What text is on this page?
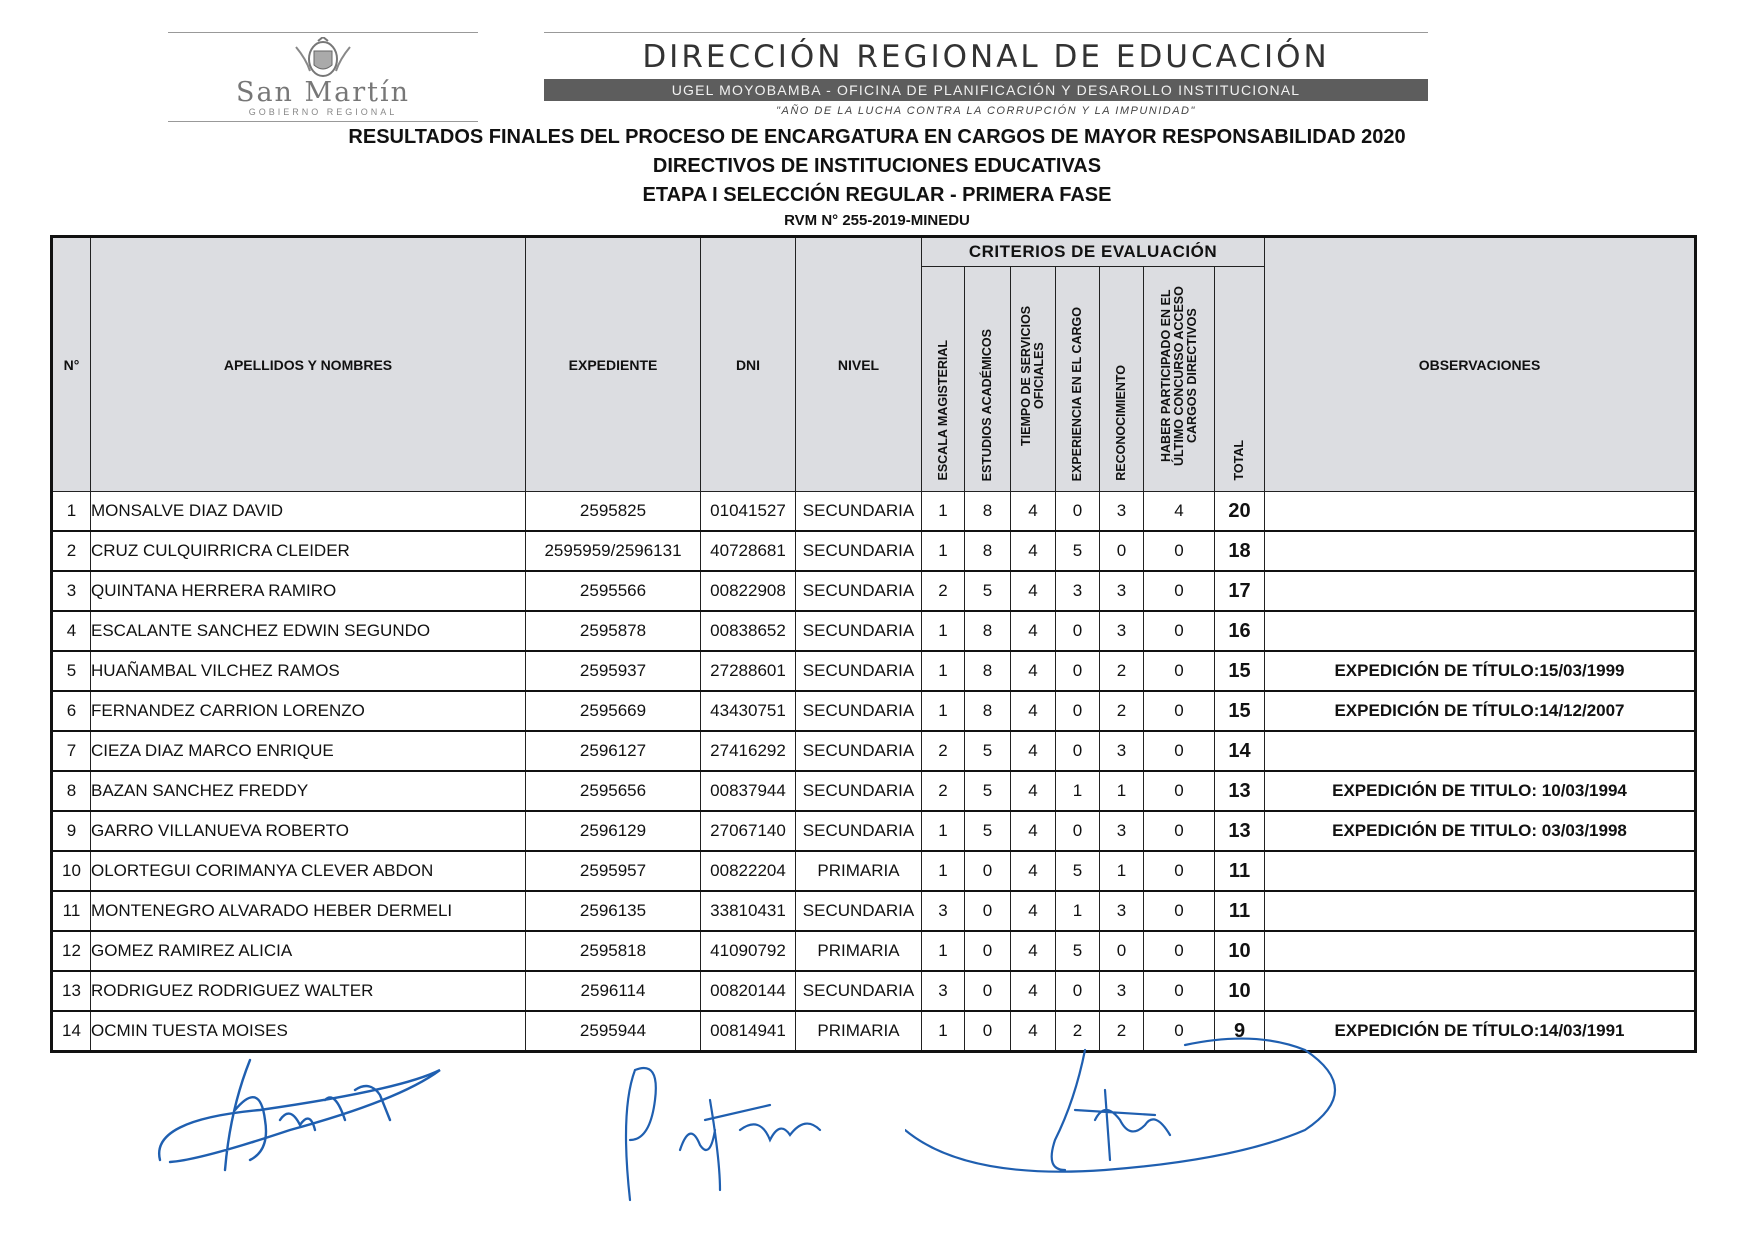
San Martín
GOBIERNO REGIONAL
DIRECCIÓN REGIONAL DE EDUCACIÓN
UGEL MOYOBAMBA - OFICINA DE PLANIFICACIÓN Y DESAROLLO INSTITUCIONAL
"AÑO DE LA LUCHA CONTRA LA CORRUPCIÓN Y LA IMPUNIDAD"
RESULTADOS FINALES DEL PROCESO DE ENCARGATURA EN CARGOS DE MAYOR RESPONSABILIDAD 2020
DIRECTIVOS DE INSTITUCIONES EDUCATIVAS
ETAPA I SELECCIÓN REGULAR - PRIMERA FASE
RVM N° 255-2019-MINEDU
N°	APELLIDOS Y NOMBRES	EXPEDIENTE	DNI	NIVEL	CRITERIOS DE EVALUACIÓN							OBSERVACIONES

					ESCALA MAGISTERIAL	ESTUDIOS ACADÉMICOS	TIEMPO DE SERVICIOS OFICIALES	EXPERIENCIA EN EL CARGO	RECONOCIMIENTO	HABER PARTICIPADO EN EL ÚLTIMO CONCURSO ACCESO CARGOS DIRECTIVOS	TOTAL	

1	MONSALVE DIAZ DAVID	2595825	01041527	SECUNDARIA	1	8	4	0	3	4	20	
2	CRUZ CULQUIRRICRA CLEIDER	2595959/2596131	40728681	SECUNDARIA	1	8	4	5	0	0	18	
3	QUINTANA HERRERA RAMIRO	2595566	00822908	SECUNDARIA	2	5	4	3	3	0	17	
4	ESCALANTE SANCHEZ EDWIN SEGUNDO	2595878	00838652	SECUNDARIA	1	8	4	0	3	0	16	
5	HUAÑAMBAL VILCHEZ RAMOS	2595937	27288601	SECUNDARIA	1	8	4	0	2	0	15	EXPEDICIÓN DE TÍTULO:15/03/1999
6	FERNANDEZ CARRION LORENZO	2595669	43430751	SECUNDARIA	1	8	4	0	2	0	15	EXPEDICIÓN DE TÍTULO:14/12/2007
7	CIEZA DIAZ MARCO ENRIQUE	2596127	27416292	SECUNDARIA	2	5	4	0	3	0	14	
8	BAZAN SANCHEZ FREDDY	2595656	00837944	SECUNDARIA	2	5	4	1	1	0	13	EXPEDICIÓN DE TITULO: 10/03/1994
9	GARRO VILLANUEVA ROBERTO	2596129	27067140	SECUNDARIA	1	5	4	0	3	0	13	EXPEDICIÓN DE TITULO: 03/03/1998
10	OLORTEGUI CORIMANYA CLEVER ABDON	2595957	00822204	PRIMARIA	1	0	4	5	1	0	11	
11	MONTENEGRO ALVARADO HEBER DERMELI	2596135	33810431	SECUNDARIA	3	0	4	1	3	0	11	
12	GOMEZ RAMIREZ ALICIA	2595818	41090792	PRIMARIA	1	0	4	5	0	0	10	
13	RODRIGUEZ RODRIGUEZ WALTER	2596114	00820144	SECUNDARIA	3	0	4	0	3	0	10	
14	OCMIN TUESTA MOISES	2595944	00814941	PRIMARIA	1	0	4	2	2	0	9	EXPEDICIÓN DE TÍTULO:14/03/1991
